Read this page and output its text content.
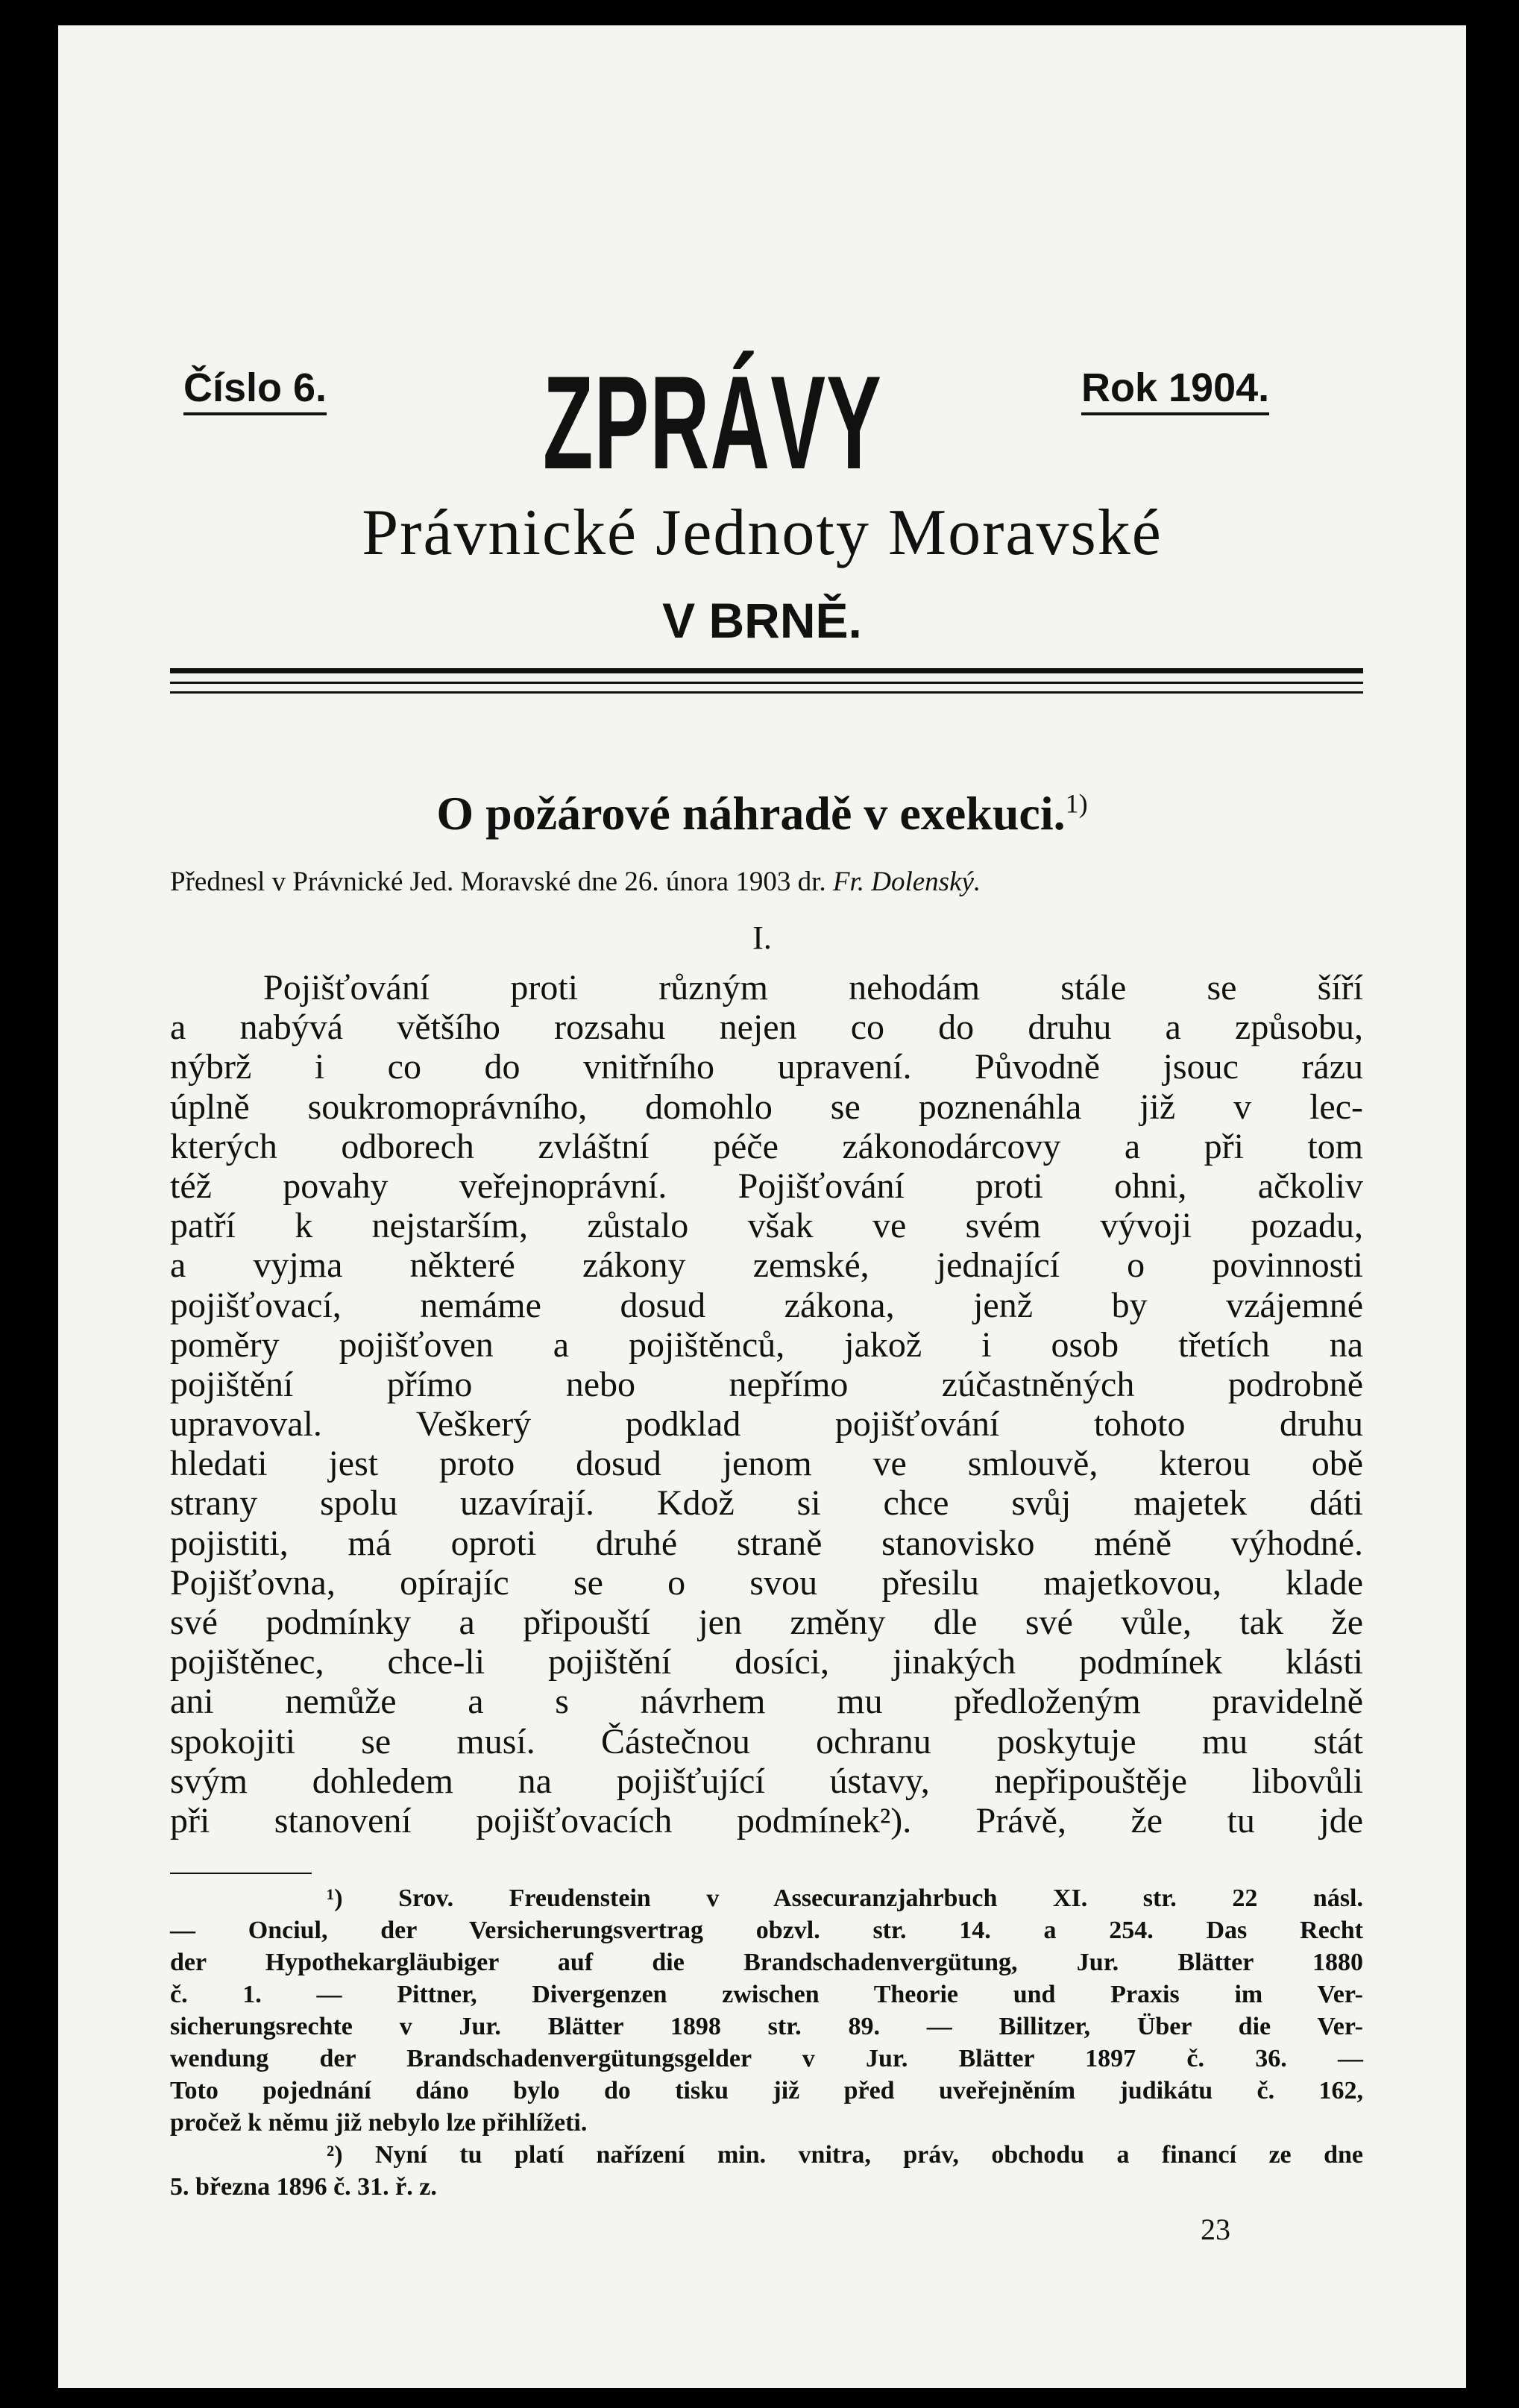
Číslo 6. ZPRÁVY	Rok 1904.
Právnické Jednoty Moravské
V BRNĚ.
O požárové náhradě v exekuci.$^{1)}$
Přednesl v Právnické Jed. Moravské dne 26. února 1903 dr. Fr. Dolenský.
I.
Pojišťování proti různým nehodám stále se šíří
a nabývá většího rozsahu nejen co do druhu a způsobu,
nýbrž i co do vnitřního upravení. Původně jsouc rázu
úplně soukromoprávního, domohlo se poznenáhla již v lec-
kterých odborech zvláštní péče zákonodárcovy a při tom
též povahy veřejnoprávní. Pojišťování proti ohni, ačkoliv
patří k nejstarším, zůstalo však ve svém vývoji pozadu,
a vyjma některé zákony zemské, jednající o povinnosti
pojišťovací, nemáme dosud zákona, jenž by vzájemné
poměry pojišťoven a pojištěnců, jakož i osob třetích na
pojištění přímo nebo nepřímo zúčastněných podrobně
upravoval. Veškerý podklad pojišťování tohoto druhu
hledati jest proto dosud jenom ve smlouvě, kterou obě
strany spolu uzavírají. Kdož si chce svůj majetek dáti
pojistiti, má oproti druhé straně stanovisko méně výhodné.
Pojišťovna, opírajíc se o svou přesilu majetkovou, klade
své podmínky a připouští jen změny dle své vůle, tak že
pojištěnec, chce-li pojištění dosíci, jinakých podmínek klásti
ani nemůže a s návrhem mu předloženým pravidelně
spokojiti se musí. Částečnou ochranu poskytuje mu stát
svým dohledem na pojišťující ústavy, nepřipouštěje libovůli
při stanovení pojišťovacích podmínek²). Právě, že tu jde
¹) Srov. Freudenstein v Assecuranzjahrbuch XI. str. 22 násl.
— Onciul, der Versicherungsvertrag obzvl. str. 14. a 254. Das Recht
der Hypothekargläubiger auf die Brandschadenvergütung, Jur. Blätter 1880
č. 1. — Pittner, Divergenzen zwischen Theorie und Praxis im Ver-
sicherungsrechte v Jur. Blätter 1898 str. 89. — Billitzer, Über die Ver-
wendung der Brandschadenvergütungsgelder v Jur. Blätter 1897 č. 36. —
Toto pojednání dáno bylo do tisku již před uveřejněním judikátu č. 162,
pročež k němu již nebylo lze přihlížeti.
²) Nyní tu platí nařízení min. vnitra, práv, obchodu a financí ze dne
5. března 1896 č. 31. ř. z.
23
